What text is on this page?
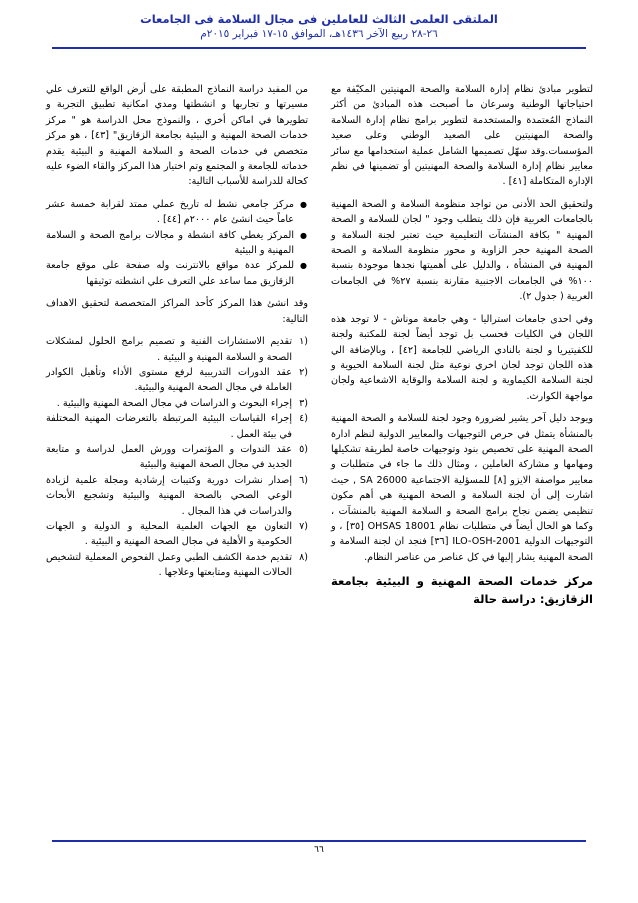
الملتقى العلمى الثالث للعاملين فى مجال السلامة فى الجامعات
٢٦-٢٨ ربيع الآخر ١٤٣٦هـ، الموافق ١٥-١٧ فبراير ٢٠١٥م

لتطوير مبادئ نظام إدارة السلامة والصحة المهنيتين المكيّفة مع احتياجاتها الوطنية وسرعان ما أصبحت هذه المبادئ من أكثر النماذج المُعتمدة والمستخدمة لتطوير برامج نظام إدارة السلامة والصحة المهنيتين على الصعيد الوطني وعلى صعيد المؤسسات.وقد سهّل تصميمها الشامل عملية استخدامها مع سائر معايير نظام إدارة السلامة والصحة المهنيتين أو تضمينها في نظم الإدارة المتكاملة [٤١] .

ولتحقيق الحد الأدنى من تواجد منظومة السلامة و الصحة المهنية بالجامعات العربية فإن ذلك يتطلب وجود " لجان للسلامة و الصحة المهنية " بكافة المنشآت التعليمية حيث تعتبر لجنة السلامة و الصحة المهنية حجر الزاوية و محور منظومة السلامة و الصحة المهنية في المنشأة ، والدليل على أهميتها نجدها موجودة بنسبة ١٠٠% في الجامعات الاجنبية مقارنة بنسبة ٢٧% في الجامعات العربية ( جدول ٢).

وفي احدى جامعات استراليا - وهي جامعة موناش - لا توجد هذه اللجان في الكليات فحسب بل توجد أيضاً لجنة للمكتبة ولجنة للكفيتيريا و لجنة بالنادي الرياضي للجامعة [٤٢] ، وبالإضافة الي هذه اللجان توجد لجان اخري نوعية مثل لجنة السلامة الحيوية و لجنة السلامة الكيماوية و لجنة السلامة والوقاية الاشعاعية ولجان مواجهة الكوارث.

ويوجد دليل آخر يشير لضرورة وجود لجنة للسلامة و الصحة المهنية بالمنشأة يتمثل في حرص التوجيهات والمعايير الدولية لنظم ادارة الصحة المهنية على تخصيص بنود وتوجيهات خاصة لطريقة تشكيلها ومهامها و مشاركة العاملين ، ومثال ذلك ما جاء في متطلبات و معايير مواصفة الايزو [٨] للمسؤلية الاجتماعية SA 26000 , حيث اشارت إلى أن لجنة السلامة و الصحة المهنية هي أهم مكون تنظيمي يضمن نجاح برامج الصحة و السلامة المهنية بالمنشآت ، وكما هو الحال أيضاً في متطلبات نظام OHSAS 18001 [٣٥] ، و التوجيهات الدولية ILO-OSH-2001 [٣٦] فنجد ان لجنة السلامة و الصحة المهنية يشار إليها في كل عناصر من عناصر النظام.

مركز خدمات الصحة المهنية و البيئية بجامعة الزقازيق: دراسة حالة

من المفيد دراسة النماذج المطبقة على أرض الواقع للتعرف علي مسيرتها و تجاربها و انشطتها ومدي امكانية تطبيق التجربة و تطويرها في اماكن أخري ، والنموذج محل الدراسة هو " مركز خدمات الصحة المهنية و البيئية بجامعة الزقازيق" [٤٣] ، هو مركز متخصص في خدمات الصحة و السلامة المهنية و البيئية يقدم خدماته للجامعة و المجتمع وتم اختيار هذا المركز والقاء الضوء عليه كحالة للدراسة للأسباب التالية:

● مركز جامعي نشط له تاريخ عملي ممتد لقرابة خمسة عشر عاماً حيث انشئ عام ٢٠٠٠م [٤٤] .
● المركز يغطي كافة انشطة و مجالات برامج الصحة و السلامة المهنية و البيئية
● للمركز عدة مواقع بالانترنت وله صفحة على موقع جامعة الزقازيق مما ساعد علي التعرف علي انشطته توثيقها

وقد انشئ هذا المركز كأحد المراكز المتخصصة لتحقيق الاهداف التالية:

(١
تقديم الاستشارات الفنية و تصميم برامج الحلول لمشكلات الصحة و السلامة المهنية و البيئية .
(٢
عقد الدورات التدريبية لرفع مستوى الأداء وتأهيل الكوادر العاملة في مجال الصحة المهنية والبيئية.
(٣
إجراء البحوث و الدراسات في مجال الصحة المهنية والبيئية .
(٤
إجراء القياسات البيئية المرتبطة بالتعرضات المهنية المختلفة في بيئة العمل .
(٥
عقد الندوات و المؤتمرات وورش العمل لدراسة و متابعة الجديد في مجال الصحة المهنية والبيئية
(٦
إصدار نشرات دورية وكتيبات إرشادية ومجلة علمية لزيادة الوعي الصحي بالصحة المهنية والبيئية وتشجيع الأبحاث والدراسات في هذا المجال .
(٧
التعاون مع الجهات العلمية المحلية و الدولية و الجهات الحكومية و الأهلية في مجال الصحة المهنية و البيئية .
(٨
تقديم خدمة الكشف الطبي وعمل الفحوص المعملية لتشخيص الحالات المهنية ومتابعتها وعلاجها .
٦٦
